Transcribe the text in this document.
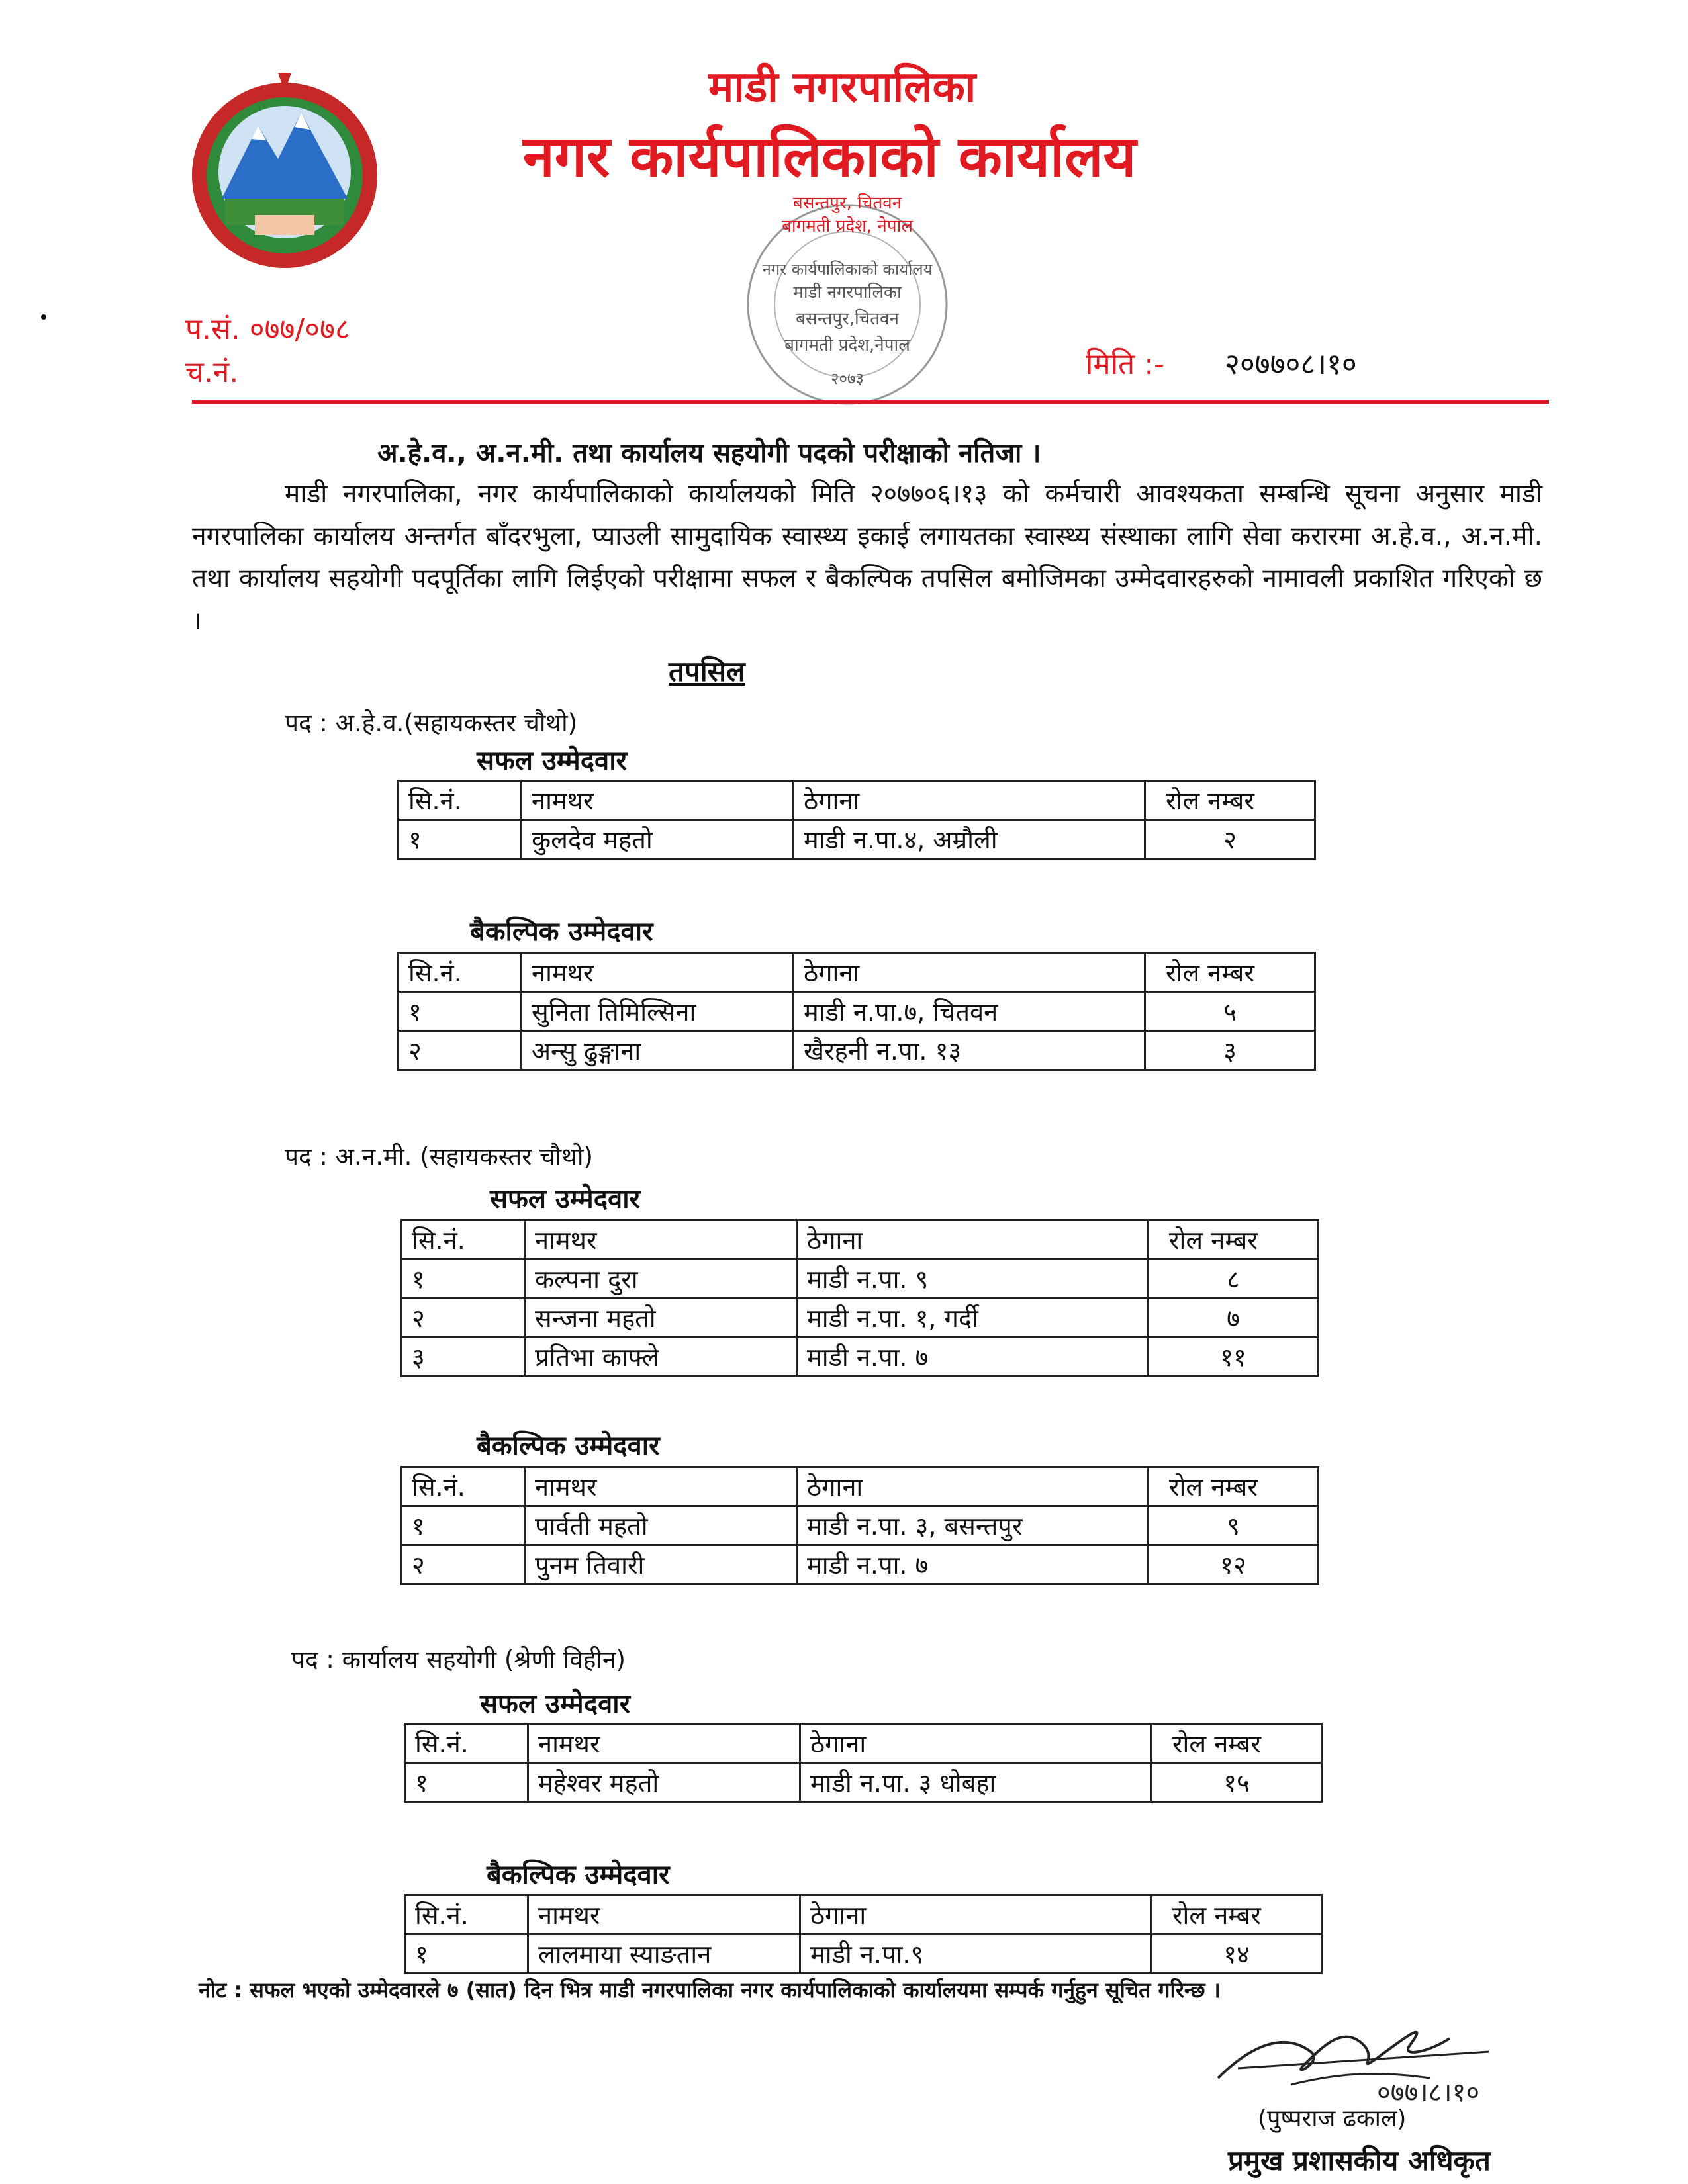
माडी नगरपालिका
नगर कार्यपालिकाको कार्यालय
बसन्तपुर, चितवन
बागमती प्रदेश, नेपाल
नगर कार्यपालिकाको कार्यालय
माडी नगरपालिका
बसन्तपुर,चितवन
बागमती प्रदेश,नेपाल
२०७३
प.सं. ०७७/०७८
च.नं.	मिति :- २०७७०८।१०
अ.हे.व., अ.न.मी. तथा कार्यालय सहयोगी पदको परीक्षाको नतिजा ।
माडी नगरपालिका, नगर कार्यपालिकाको कार्यालयको मिति २०७७०६।१३ को कर्मचारी आवश्यकता सम्बन्धि सूचना अनुसार माडी नगरपालिका कार्यालय अन्तर्गत बाँदरभुला, प्याउली सामुदायिक स्वास्थ्य इकाई लगायतका स्वास्थ्य संस्थाका लागि सेवा करारमा अ.हे.व., अ.न.मी. तथा कार्यालय सहयोगी पदपूर्तिका लागि लिईएको परीक्षामा सफल र बैकल्पिक तपसिल बमोजिमका उम्मेदवारहरुको नामावली प्रकाशित गरिएको छ ।
तपसिल
पद : अ.हे.व.(सहायकस्तर चौथो)
सफल उम्मेदवार
सि.नं.	नामथर	ठेगाना	रोल नम्बर
१	कुलदेव महतो	माडी न.पा.४, अम्रौली	२
बैकल्पिक उम्मेदवार
सि.नं.	नामथर	ठेगाना	रोल नम्बर
१	सुनिता तिमिल्सिना	माडी न.पा.७, चितवन	५
२	अन्सु ढुङ्गाना	खैरहनी न.पा. १३	३
पद : अ.न.मी. (सहायकस्तर चौथो)
सफल उम्मेदवार
सि.नं.	नामथर	ठेगाना	रोल नम्बर
१	कल्पना दुरा	माडी न.पा. ९	८
२	सन्जना महतो	माडी न.पा. १, गर्दी	७
३	प्रतिभा काफ्ले	माडी न.पा. ७	११
बैकल्पिक उम्मेदवार
सि.नं.	नामथर	ठेगाना	रोल नम्बर
१	पार्वती महतो	माडी न.पा. ३, बसन्तपुर	९
२	पुनम तिवारी	माडी न.पा. ७	१२
पद : कार्यालय सहयोगी (श्रेणी विहीन)
सफल उम्मेदवार
सि.नं.	नामथर	ठेगाना	रोल नम्बर
१	महेश्वर महतो	माडी न.पा. ३ धोबहा	१५
बैकल्पिक उम्मेदवार
सि.नं.	नामथर	ठेगाना	रोल नम्बर
१	लालमाया स्याङतान	माडी न.पा.९	१४
नोट : सफल भएको उम्मेदवारले ७ (सात) दिन भित्र माडी नगरपालिका नगर कार्यपालिकाको कार्यालयमा सम्पर्क गर्नुहुन सूचित गरिन्छ ।
०७७।८।१०
(पुष्पराज ढकाल)
प्रमुख प्रशासकीय अधिकृत
